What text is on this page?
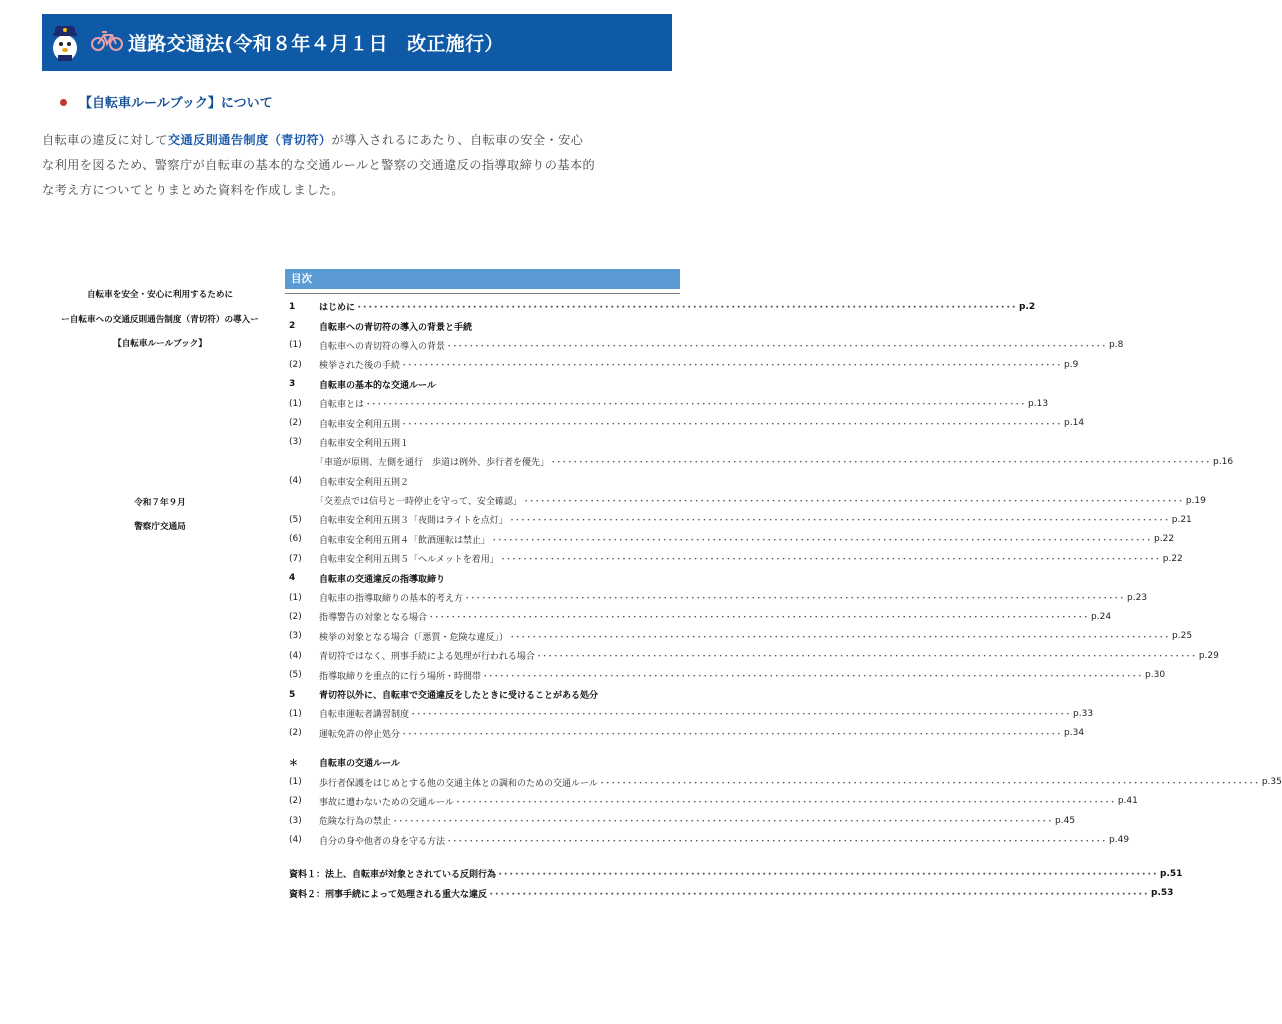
道路交通法(令和８年４月１日　改正施行）
【自転車ルールブック】について
自転車の違反に対して交通反則通告制度（青切符）が導入されるにあたり、自転車の安全・安心
な利用を図るため、警察庁が自転車の基本的な交通ルールと警察の交通違反の指導取締りの基本的
な考え方についてとりまとめた資料を作成しました。
自転車を安全・安心に利用するために
ー自転車への交通反則通告制度（青切符）の導入ー
【自転車ルールブック】
令和７年９月
警察庁交通局
目次
1	はじめに ････････････････････････････････････････････････････････････････････････････････････････････････････････････････････････ p.2
2	自転車への青切符の導入の背景と手続
(1)	自転車への青切符の導入の背景 ････････････････････････････････････････････････････････････････････････････････････････････････････････････････････････ p.8
(2)	検挙された後の手続 ････････････････････････････････････････････････････････････････････････････････････････････････････････････････････････ p.9
3	自転車の基本的な交通ルール
(1)	自転車とは ････････････････････････････････････････････････････････････････････････････････････････････････････････････････････････ p.13
(2)	自転車安全利用五則 ････････････････････････････････････････････････････････････････････････････････････････････････････････････････････････ p.14
(3)	自転車安全利用五則１
「車道が原則、左側を通行　歩道は例外、歩行者を優先」 ････････････････････････････････････････････････････････････････････････････････････････････････････････････････････････ p.16
(4)	自転車安全利用五則２
「交差点では信号と一時停止を守って、安全確認」 ････････････････････････････････････････････････････････････････････････････････････････････････････････････････････････ p.19
(5)	自転車安全利用五則３「夜間はライトを点灯」 ････････････････････････････････････････････････････････････････････････････････････････････････････････････････････････ p.21
(6)	自転車安全利用五則４「飲酒運転は禁止」 ････････････････････････････････････････････････････････････････････････････････････････････････････････････････････････ p.22
(7)	自転車安全利用五則５「ヘルメットを着用」 ････････････････････････････････････････････････････････････････････････････････････････････････････････････････････････ p.22
4	自転車の交通違反の指導取締り
(1)	自転車の指導取締りの基本的考え方 ････････････････････････････････････････････････････････････････････････････････････････････････････････････････････････ p.23
(2)	指導警告の対象となる場合 ････････････････････････････････････････････････････････････････････････････････････････････････････････････････････････ p.24
(3)	検挙の対象となる場合（「悪質・危険な違反」） ････････････････････････････････････････････････････････････････････････････････････････････････････････････････････････ p.25
(4)	青切符ではなく、刑事手続による処理が行われる場合 ････････････････････････････････････････････････････････････････････････････････････････････････････････････････････････ p.29
(5)	指導取締りを重点的に行う場所・時間帯 ････････････････････････････････････････････････････････････････････････････････････････････････････････････････････････ p.30
5	青切符以外に、自転車で交通違反をしたときに受けることがある処分
(1)	自転車運転者講習制度 ････････････････････････････････････････････････････････････････････････････････････････････････････････････････････････ p.33
(2)	運転免許の停止処分 ････････････････････････････････････････････････････････････････････････････････････････････････････････････････････････ p.34
＊	自転車の交通ルール
(1)	歩行者保護をはじめとする他の交通主体との調和のための交通ルール ････････････････････････････････････････････････････････････････････････････････････････････････････････････････････････ p.35
(2)	事故に遭わないための交通ルール ････････････････････････････････････････････････････････････････････････････････････････････････････････････････････････ p.41
(3)	危険な行為の禁止 ････････････････････････････････････････････････････････････････････････････････････････････････････････････････････････ p.45
(4)	自分の身や他者の身を守る方法 ････････････････････････････････････････････････････････････････････････････････････････････････････････････････････････ p.49
資料１：法上、自転車が対象とされている反則行為 ････････････････････････････････････････････････････････････････････････････････････････････････････････････････････････ p.51
資料２：刑事手続によって処理される重大な違反 ････････････････････････････････････････････････････････････････････････････････････････････････････････････････････････ p.53
